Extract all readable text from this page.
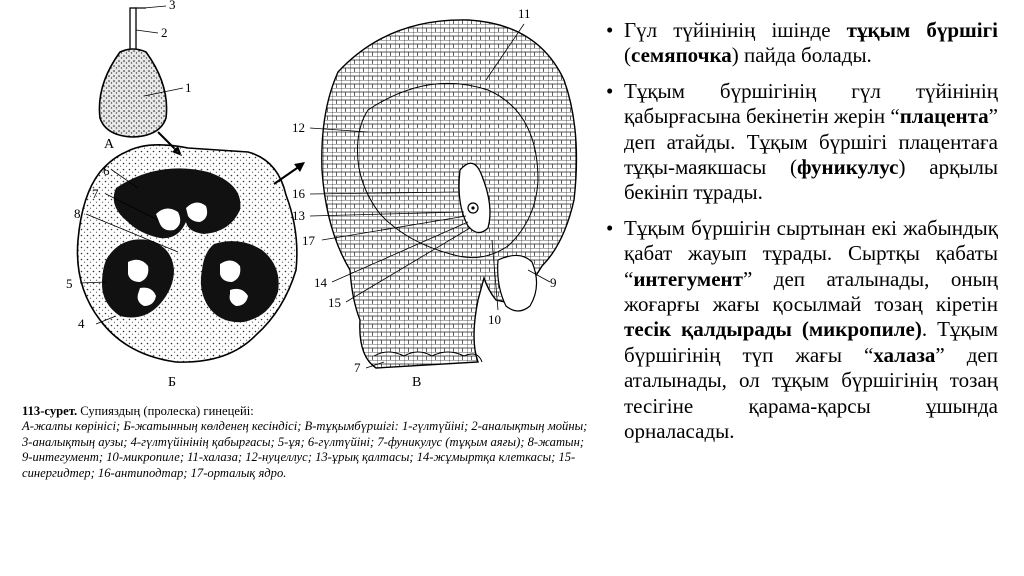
1
2
3
А
6
7
8
5
4
Б
11
12
16
13
17
14
15
10
9
7
В
113-сурет. Супияздың (пролеска) гинецейі:
А-жалпы көрінісі; Б-жатынның көлденең кесіндісі; В-тұқымбүршігі: 1-гүлтүйіні; 2-аналықтың мойны; 3-аналықтың аузы; 4-гүлтүйінінің қабырғасы; 5-ұя; 6-гүлтүйіні; 7-фуникулус (тұқым аяғы); 8-жатын; 9-интегумент; 10-микропиле; 11-халаза; 12-нуцеллус; 13-ұрық қалтасы; 14-жұмыртқа клеткасы; 15-синергидтер; 16-антиподтар; 17-орталық ядро.
• Гүл түйінінің ішінде тұқым бүршігі (семяпочка) пайда болады.
• Тұқым бүршігінің гүл түйінінің қабырғасына бекінетін жерін “плацента” деп атайды. Тұқым бүршігі плацентаға тұқы-маякшасы (фуникулус) арқылы бекініп тұрады.
• Тұқым бүршігін сыртынан екі жабындық қабат жауып тұрады. Сыртқы қабаты “интегумент” деп аталынады, оның жоғарғы жағы қосылмай тозаң кіретін тесік қалдырады (микропиле). Тұқым бүршігінің түп жағы “халаза” деп аталынады, ол тұқым бүршігінің тозаң тесігіне қарама-қарсы ұшында орналасады.
